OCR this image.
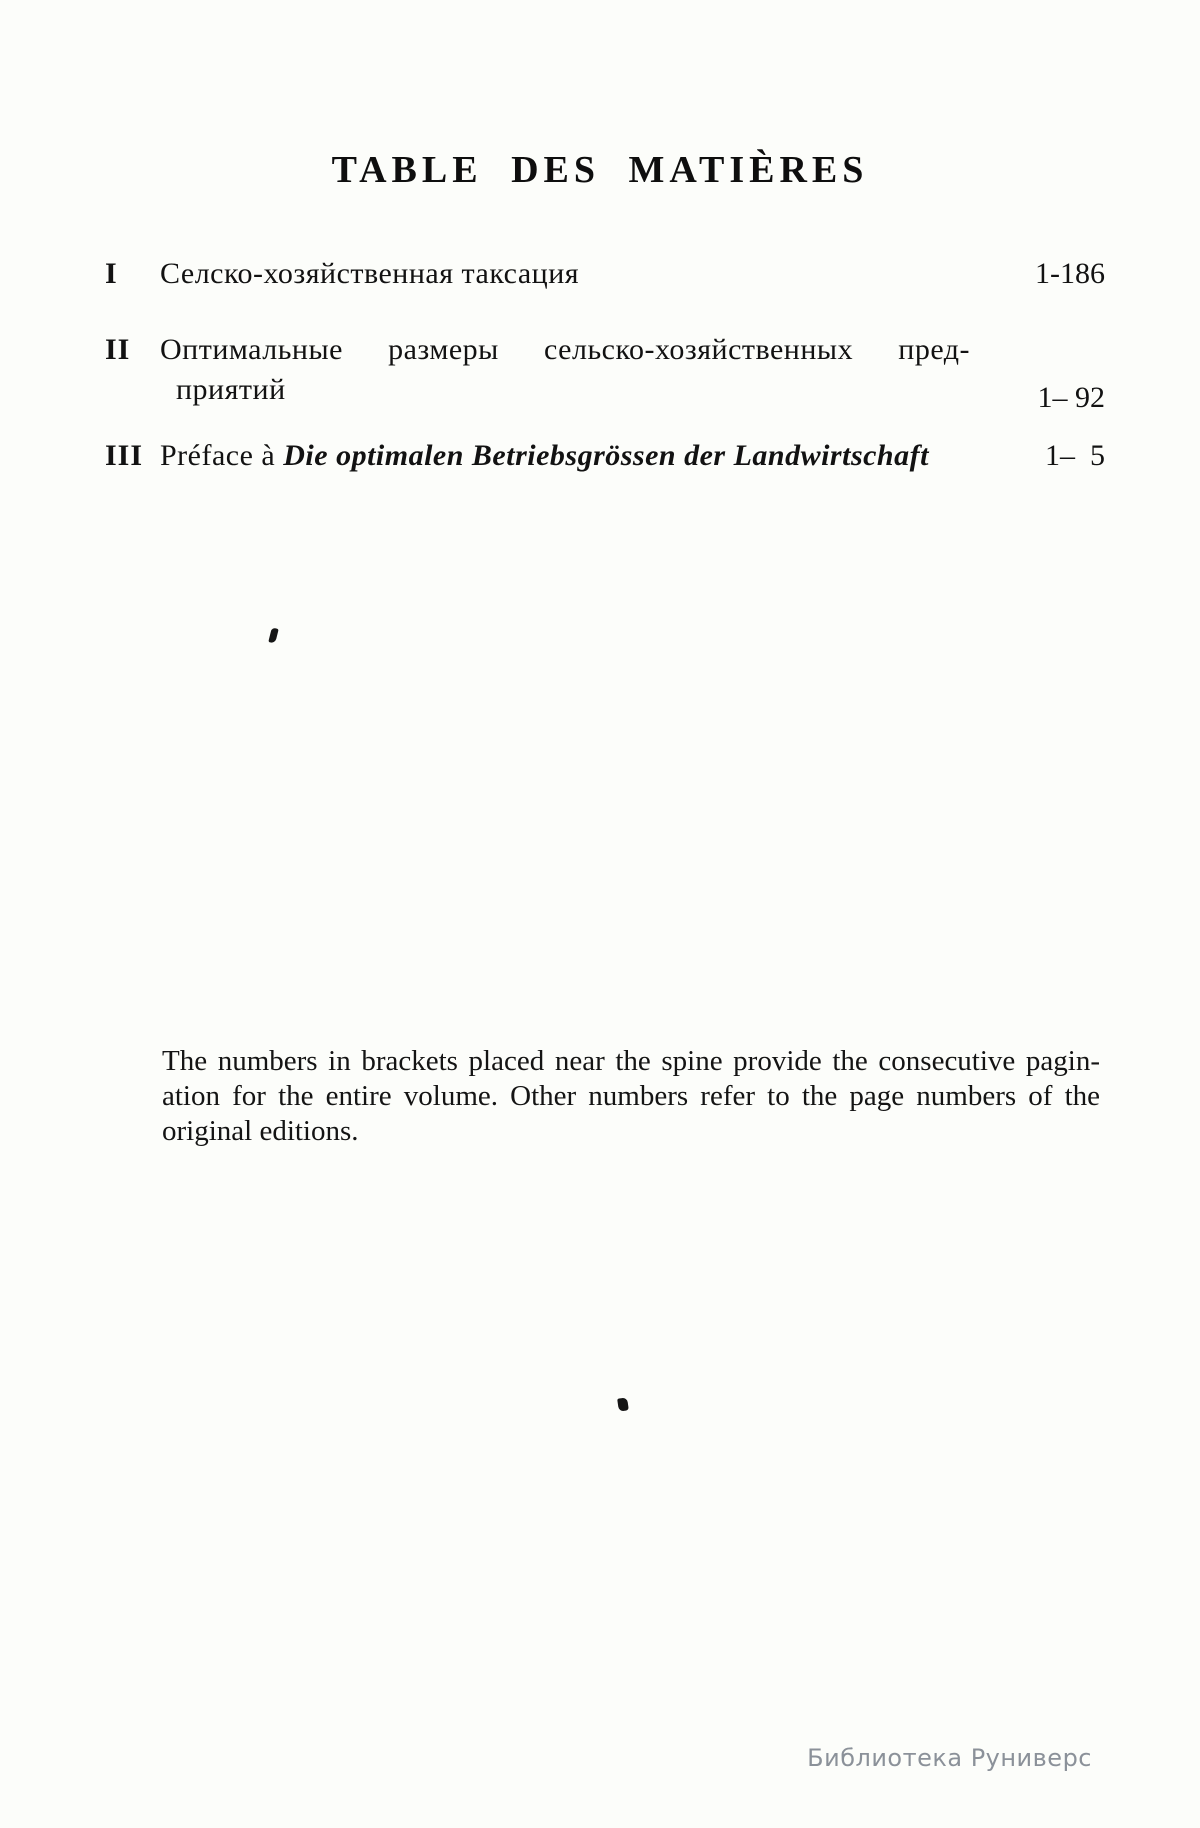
TABLE DES MATIÈRES
I	Селско-хозяйственная таксация	1-186
II Оптимальные размеры сельско-хозяйственных пред-
приятий	1– 92
III Préface à Die optimalen Betriebsgrössen der Landwirtschaft	1–  5
The numbers in brackets placed near the spine provide the consecutive pagin-
ation for the entire volume. Other numbers refer to the page numbers of the
original editions.
Библиотека Руниверс
